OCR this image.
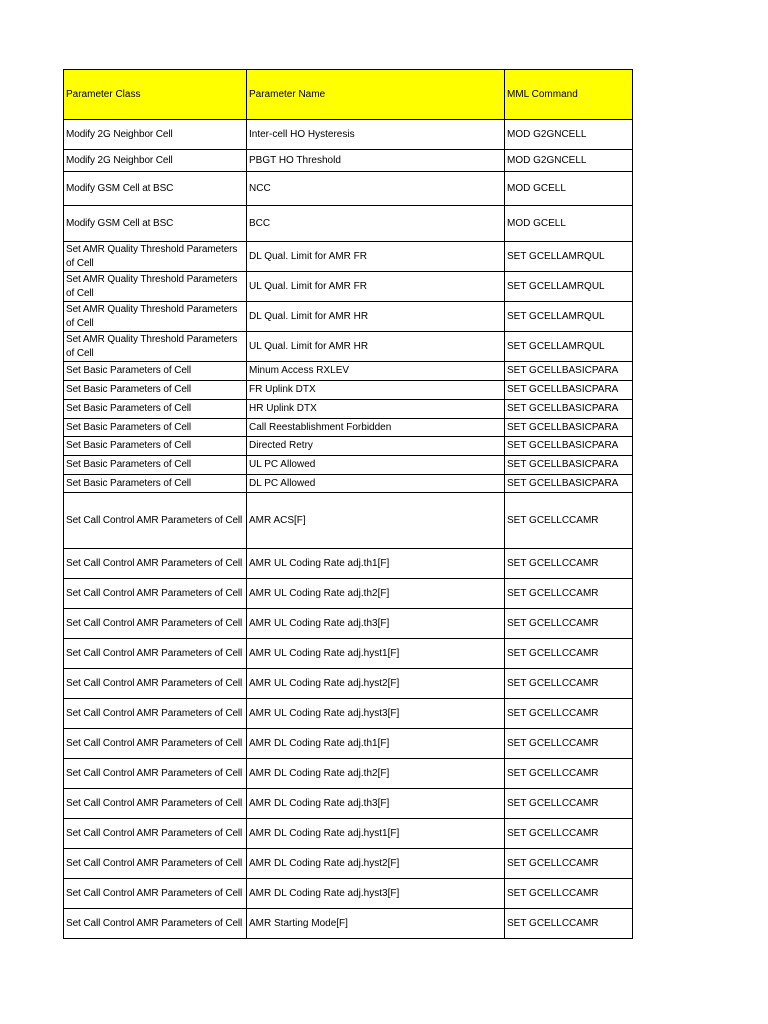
Parameter Class	Parameter Name	MML Command
Modify 2G Neighbor Cell	Inter-cell HO Hysteresis	MOD G2GNCELL
Modify 2G Neighbor Cell	PBGT HO Threshold	MOD G2GNCELL
Modify GSM Cell at BSC	NCC	MOD GCELL
Modify GSM Cell at BSC	BCC	MOD GCELL
Set AMR Quality Threshold Parameters of Cell	DL Qual. Limit for AMR FR	SET GCELLAMRQUL
Set AMR Quality Threshold Parameters of Cell	UL Qual. Limit for AMR FR	SET GCELLAMRQUL
Set AMR Quality Threshold Parameters of Cell	DL Qual. Limit for AMR HR	SET GCELLAMRQUL
Set AMR Quality Threshold Parameters of Cell	UL Qual. Limit for AMR HR	SET GCELLAMRQUL
Set Basic Parameters of Cell	Minum Access RXLEV	SET GCELLBASICPARA
Set Basic Parameters of Cell	FR Uplink DTX	SET GCELLBASICPARA
Set Basic Parameters of Cell	HR Uplink DTX	SET GCELLBASICPARA
Set Basic Parameters of Cell	Call Reestablishment Forbidden	SET GCELLBASICPARA
Set Basic Parameters of Cell	Directed Retry	SET GCELLBASICPARA
Set Basic Parameters of Cell	UL PC Allowed	SET GCELLBASICPARA
Set Basic Parameters of Cell	DL PC Allowed	SET GCELLBASICPARA
Set Call Control AMR Parameters of Cell	AMR ACS[F]	SET GCELLCCAMR
Set Call Control AMR Parameters of Cell	AMR UL Coding Rate adj.th1[F]	SET GCELLCCAMR
Set Call Control AMR Parameters of Cell	AMR UL Coding Rate adj.th2[F]	SET GCELLCCAMR
Set Call Control AMR Parameters of Cell	AMR UL Coding Rate adj.th3[F]	SET GCELLCCAMR
Set Call Control AMR Parameters of Cell	AMR UL Coding Rate adj.hyst1[F]	SET GCELLCCAMR
Set Call Control AMR Parameters of Cell	AMR UL Coding Rate adj.hyst2[F]	SET GCELLCCAMR
Set Call Control AMR Parameters of Cell	AMR UL Coding Rate adj.hyst3[F]	SET GCELLCCAMR
Set Call Control AMR Parameters of Cell	AMR DL Coding Rate adj.th1[F]	SET GCELLCCAMR
Set Call Control AMR Parameters of Cell	AMR DL Coding Rate adj.th2[F]	SET GCELLCCAMR
Set Call Control AMR Parameters of Cell	AMR DL Coding Rate adj.th3[F]	SET GCELLCCAMR
Set Call Control AMR Parameters of Cell	AMR DL Coding Rate adj.hyst1[F]	SET GCELLCCAMR
Set Call Control AMR Parameters of Cell	AMR DL Coding Rate adj.hyst2[F]	SET GCELLCCAMR
Set Call Control AMR Parameters of Cell	AMR DL Coding Rate adj.hyst3[F]	SET GCELLCCAMR
Set Call Control AMR Parameters of Cell	AMR Starting Mode[F]	SET GCELLCCAMR
